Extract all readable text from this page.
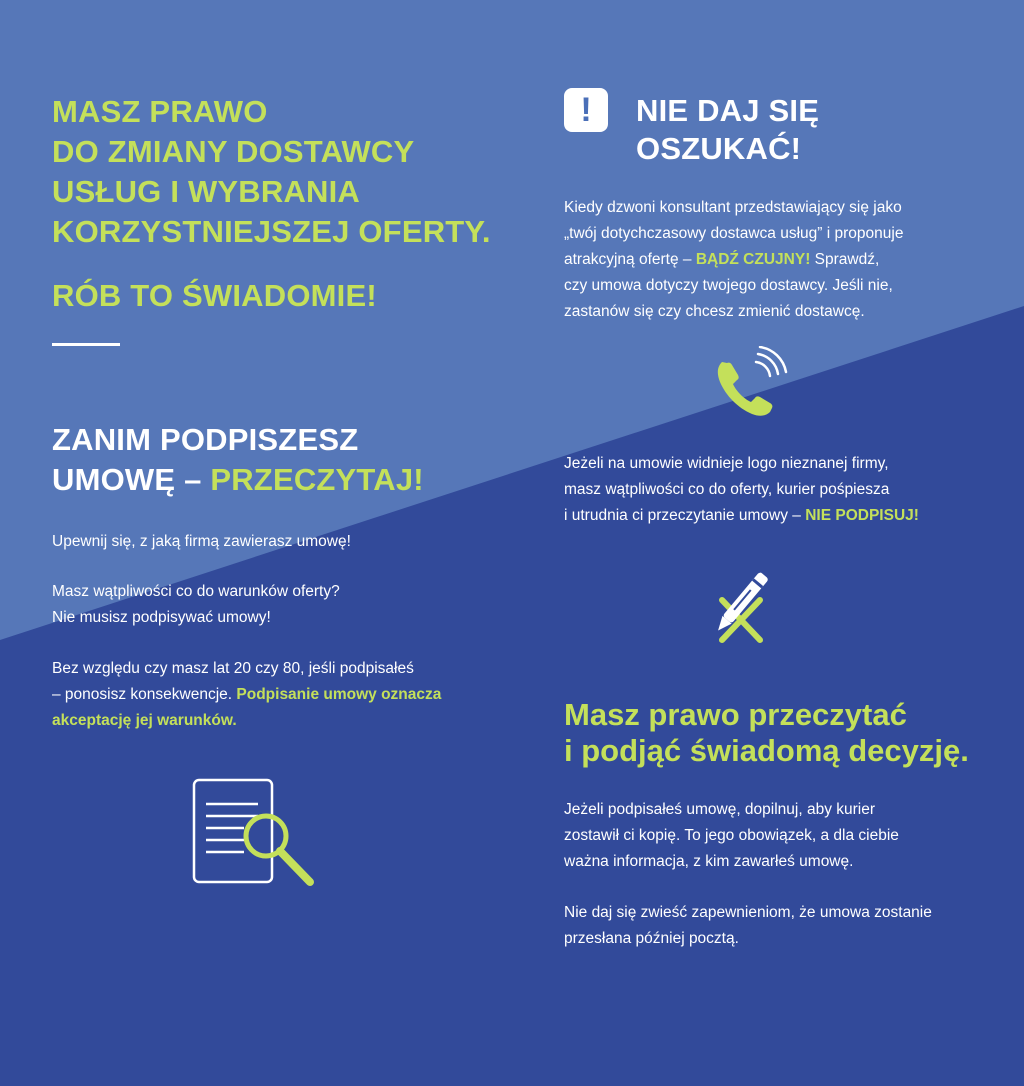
MASZ PRAWO
DO ZMIANY DOSTAWCY
USŁUG I WYBRANIA
KORZYSTNIEJSZEJ OFERTY.
RÓB TO ŚWIADOMIE!
ZANIM PODPISZESZ
UMOWĘ – PRZECZYTAJ!

Upewnij się, z jaką firmą zawierasz umowę!

Masz wątpliwości co do warunków oferty?
Nie musisz podpisywać umowy!

Bez względu czy masz lat 20 czy 80, jeśli podpisałeś
– ponosisz konsekwencje. Podpisanie umowy oznacza
akceptację jej warunków.

!	NIE DAJ SIĘ
OSZUKAĆ!

Kiedy dzwoni konsultant przedstawiający się jako
„twój dotychczasowy dostawca usług” i proponuje
atrakcyjną ofertę – BĄDŹ CZUJNY! Sprawdź,
czy umowa dotyczy twojego dostawcy. Jeśli nie,
zastanów się czy chcesz zmienić dostawcę.

Jeżeli na umowie widnieje logo nieznanej firmy,
masz wątpliwości co do oferty, kurier pośpiesza
i utrudnia ci przeczytanie umowy – NIE PODPISUJ!

Masz prawo przeczytać
i podjąć świadomą decyzję.

Jeżeli podpisałeś umowę, dopilnuj, aby kurier
zostawił ci kopię. To jego obowiązek, a dla ciebie
ważna informacja, z kim zawarłeś umowę.

Nie daj się zwieść zapewnieniom, że umowa zostanie
przesłana później pocztą.
